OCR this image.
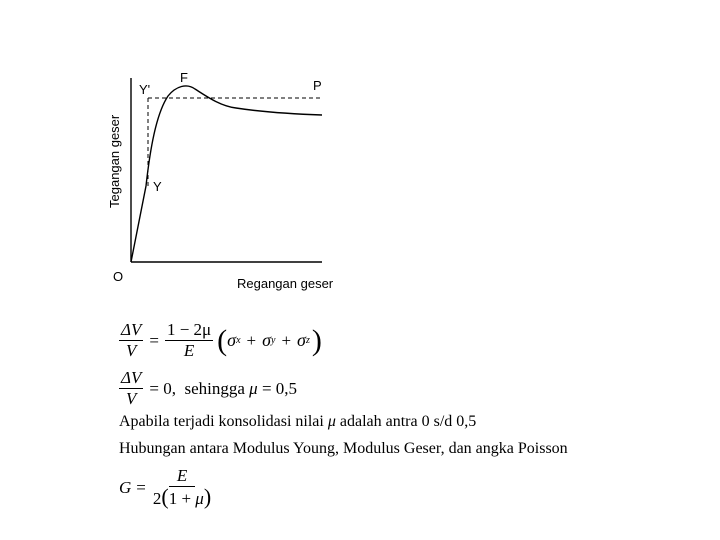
Tegangan geser
Regangan geser
O
Y'
F
P
Y
$\frac{\Delta V}{V} = \frac{1 - 2\mu}{E}$ ( σ x + σ y + σ z )
$\frac{\Delta V}{V} = 0$,  sehingga μ = 0,5
Apabila terjadi konsolidasi nilai μ adalah antra 0 s/d 0,5
Hubungan antara Modulus Young, Modulus Geser, dan angka Poisson
$G = \frac{E}{2(1 + \mu)}$
